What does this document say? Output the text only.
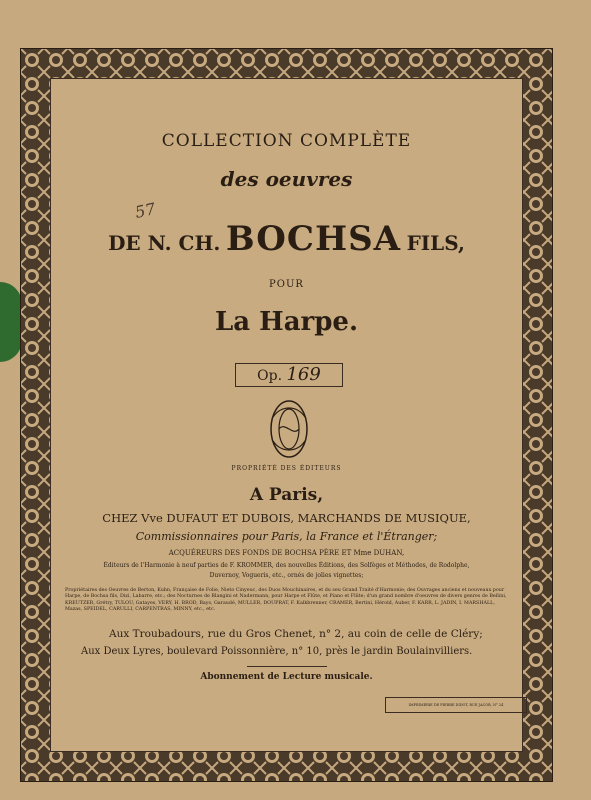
57
COLLECTION COMPLÈTE
des oeuvres
DE N. CH. BOCHSA FILS,
POUR
La Harpe.
Op. 169
PROPRIÉTÉ DES ÉDITEURS
A Paris,
CHEZ Vve DUFAUT ET DUBOIS, MARCHANDS DE MUSIQUE,
Commissionnaires pour Paris, la France et l'Étranger;
ACQUÉREURS DES FONDS DE BOCHSA PÈRE ET Mme DUHAN,
Éditeurs de l'Harmonie à neuf parties de F. KROMMER, des nouvelles Éditions, des Solfèges et Méthodes, de Rodolphe,
Duvernoy, Vogueris, etc., ornés de jolies vignettes;
Propriétaires des Oeuvres de Berton, Kuhn, Française de Folie, Nieto Cinyeuc, des Duos Mouchinaires, et du seu Grand Traité d'Harmonie; des Ouvrages anciens et nouveaux pour Harpe, de Bochsa fils, Dizi, Labarre, etc.; des Nocturnes de Blangini et Nadermann, pour Harpe et Flûte, et Piano et Flûte; d'un grand nombre d'oeuvres de divers genres de Bellini, KREUTZER, Grétry, TULOU, Gatayes, VERY, H. BROD, Bays, Garaudé, MULLER, DOUPRAT, F. Kalkbrenner, CRAMER, Bertini, Hérold, Auber, F. KARR, L. JADIN, I. MARSHALL, Mazas, SPEIDEL, CARULLI, CARPENTRAS, MINNY, etc., etc.
Aux Troubadours, rue du Gros Chenet, n° 2, au coin de celle de Cléry;
Aux Deux Lyres, boulevard Poissonnière, n° 10, près le jardin Boulainvilliers.
Abonnement de Lecture musicale.
IMPRIMERIE DE PIERRE DIDOT, RUE JACOB, N° 24
